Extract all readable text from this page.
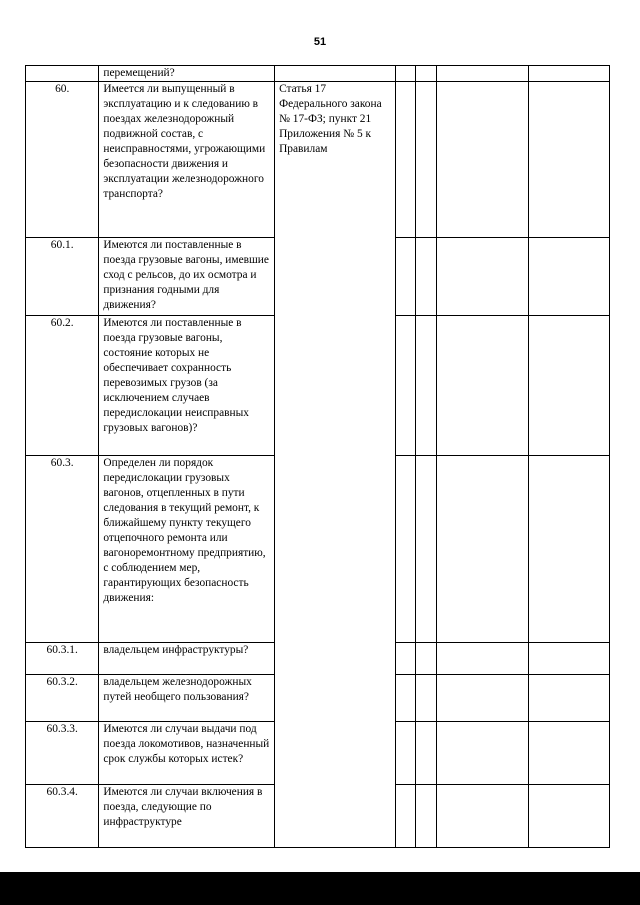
51
	перемещений?					
60.	Имеется ли выпущенный в эксплуатацию и к следованию в поездах железнодорожный подвижной состав, с неисправностями, угрожающими безопасности движения и эксплуатации железнодорожного транспорта?	Статья 17 Федерального закона № 17-ФЗ; пункт 21 Приложения № 5 к Правилам				
60.1.	Имеются ли поставленные в поезда грузовые вагоны, имевшие сход с рельсов, до их осмотра и признания годными для движения?					
60.2.	Имеются ли поставленные в поезда грузовые вагоны, состояние которых не обеспечивает сохранность перевозимых грузов (за исключением случаев передислокации неисправных грузовых вагонов)?					
60.3.	Определен ли порядок передислокации грузовых вагонов, отцепленных в пути следования в текущий ремонт, к ближайшему пункту текущего отцепочного ремонта или вагоноремонтному предприятию, с соблюдением мер, гарантирующих безопасность движения:					
60.3.1.	владельцем инфраструктуры?					
60.3.2.	владельцем железнодорожных путей необщего пользования?					
60.3.3.	Имеются ли случаи выдачи под поезда локомотивов, назначенный срок службы которых истек?					
60.3.4.	Имеются ли случаи включения в поезда, следующие по инфраструктуре					
